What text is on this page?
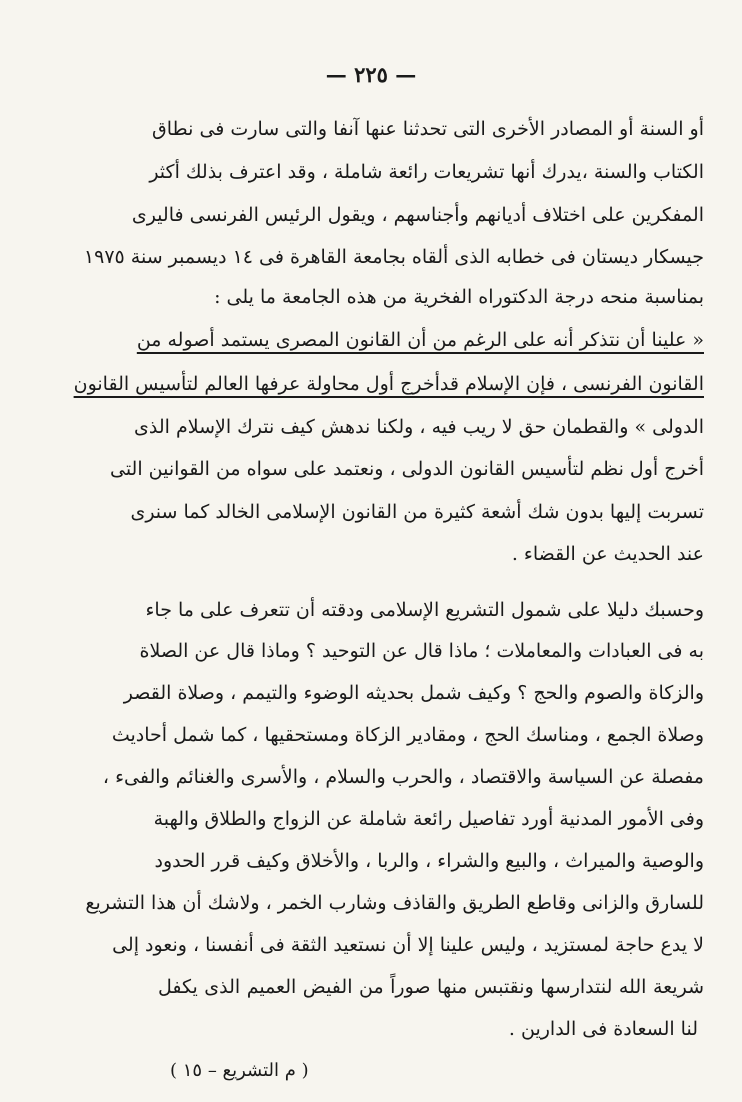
— ٢٢٥ —
أو السنة أو المصادر الأخرى التى تحدثنا عنها آنفا والتى سارت فى نطاق
الكتاب والسنة ،يدرك أنها تشريعات رائعة شاملة ، وقد اعترف بذلك أكثر
المفكرين على اختلاف أديانهم وأجناسهم ، ويقول الرئيس الفرنسى فاليرى
جيسكار ديستان فى خطابه الذى ألقاه بجامعة القاهرة فى ١٤ ديسمبر سنة ١٩٧٥
بمناسبة منحه درجة الدكتوراه الفخرية من هذه الجامعة ما يلى :
« علينا أن نتذكر أنه على الرغم من أن القانون المصرى يستمد أصوله من
القانون الفرنسى ، فإن الإسلام قدأخرج أول محاولة عرفها العالم لتأسيس القانون
الدولى » والقطمان حق لا ريب فيه ، ولكنا ندهش كيف نترك الإسلام الذى
أخرج أول نظم لتأسيس القانون الدولى ، ونعتمد على سواه من القوانين التى
تسربت إليها بدون شك أشعة كثيرة من القانون الإسلامى الخالد كما سنرى
عند الحديث عن القضاء .
وحسبك دليلا على شمول التشريع الإسلامى ودقته أن تتعرف على ما جاء
به فى العبادات والمعاملات ؛ ماذا قال عن التوحيد ؟ وماذا قال عن الصلاة
والزكاة والصوم والحج ؟ وكيف شمل بحديثه الوضوء والتيمم ، وصلاة القصر
وصلاة الجمع ، ومناسك الحج ، ومقادير الزكاة ومستحقيها ، كما شمل أحاديث
مفصلة عن السياسة والاقتصاد ، والحرب والسلام ، والأسرى والغنائم والفىء ،
وفى الأمور المدنية أورد تفاصيل رائعة شاملة عن الزواج والطلاق والهبة
والوصية والميراث ، والبيع والشراء ، والربا ، والأخلاق وكيف قرر الحدود
للسارق والزانى وقاطع الطريق والقاذف وشارب الخمر ، ولاشك أن هذا التشريع
لا يدع حاجة لمستزيد ، وليس علينا إلا أن نستعيد الثقة فى أنفسنا ، ونعود إلى
شريعة الله لنتدارسها ونقتبس منها صوراً من الفيض العميم الذى يكفل
لنا السعادة فى الدارين .
( م التشريع – ١٥ )
